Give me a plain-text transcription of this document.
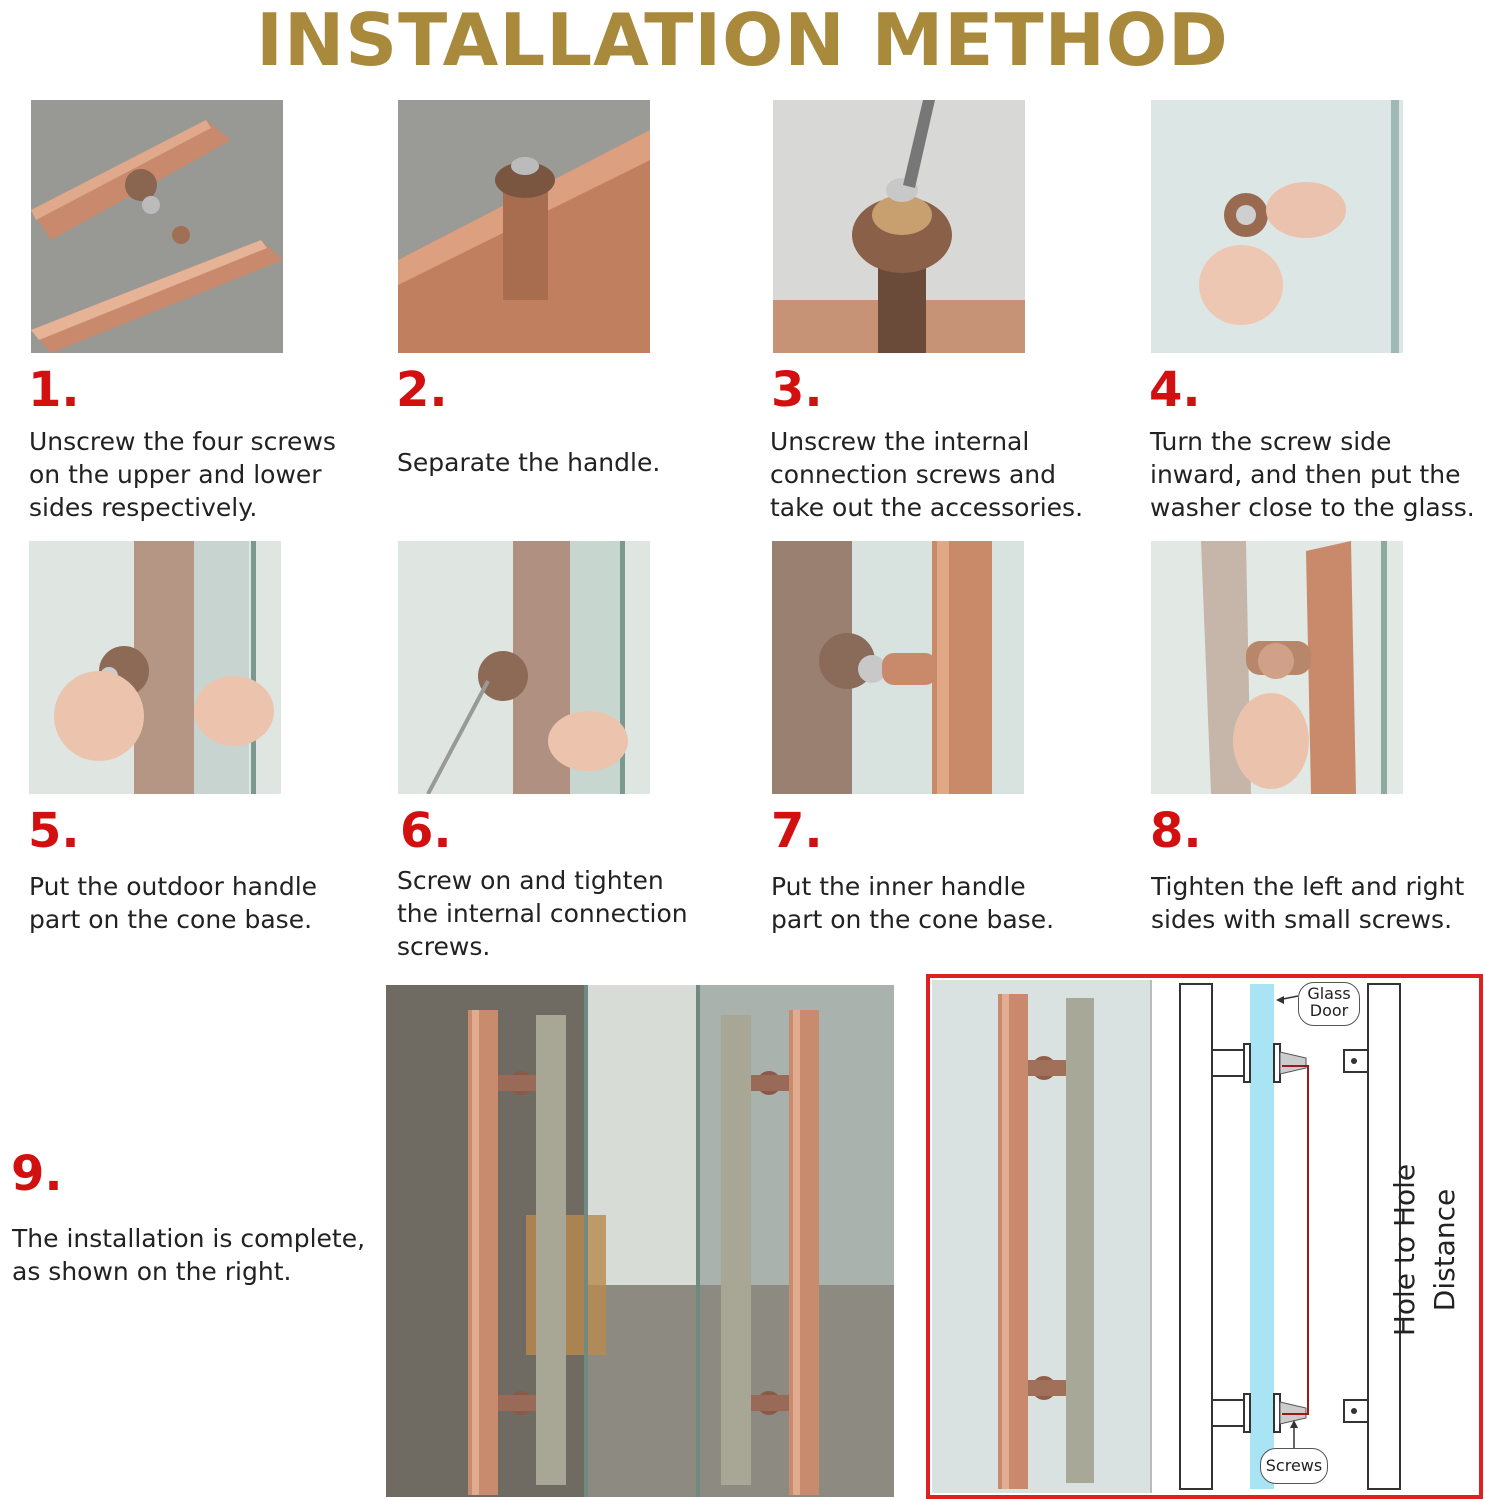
INSTALLATION METHOD
1.	2.	3.	4.
Unscrew the four screws
on the upper and lower
sides respectively.
Separate the handle.
Unscrew the internal
connection screws and
take out the accessories.
Turn the screw side
inward, and then put the
washer close to the glass.
5.	6.	7.	8.
Put the outdoor handle
part on the cone base.
Screw on and tighten
the internal connection
screws.
Put the inner handle
part on the cone base.
Tighten the left and right
sides with small screws.
9.
The installation is complete,
as shown on the right.
Glass
Door
Screws
Hole to Hole Distance
